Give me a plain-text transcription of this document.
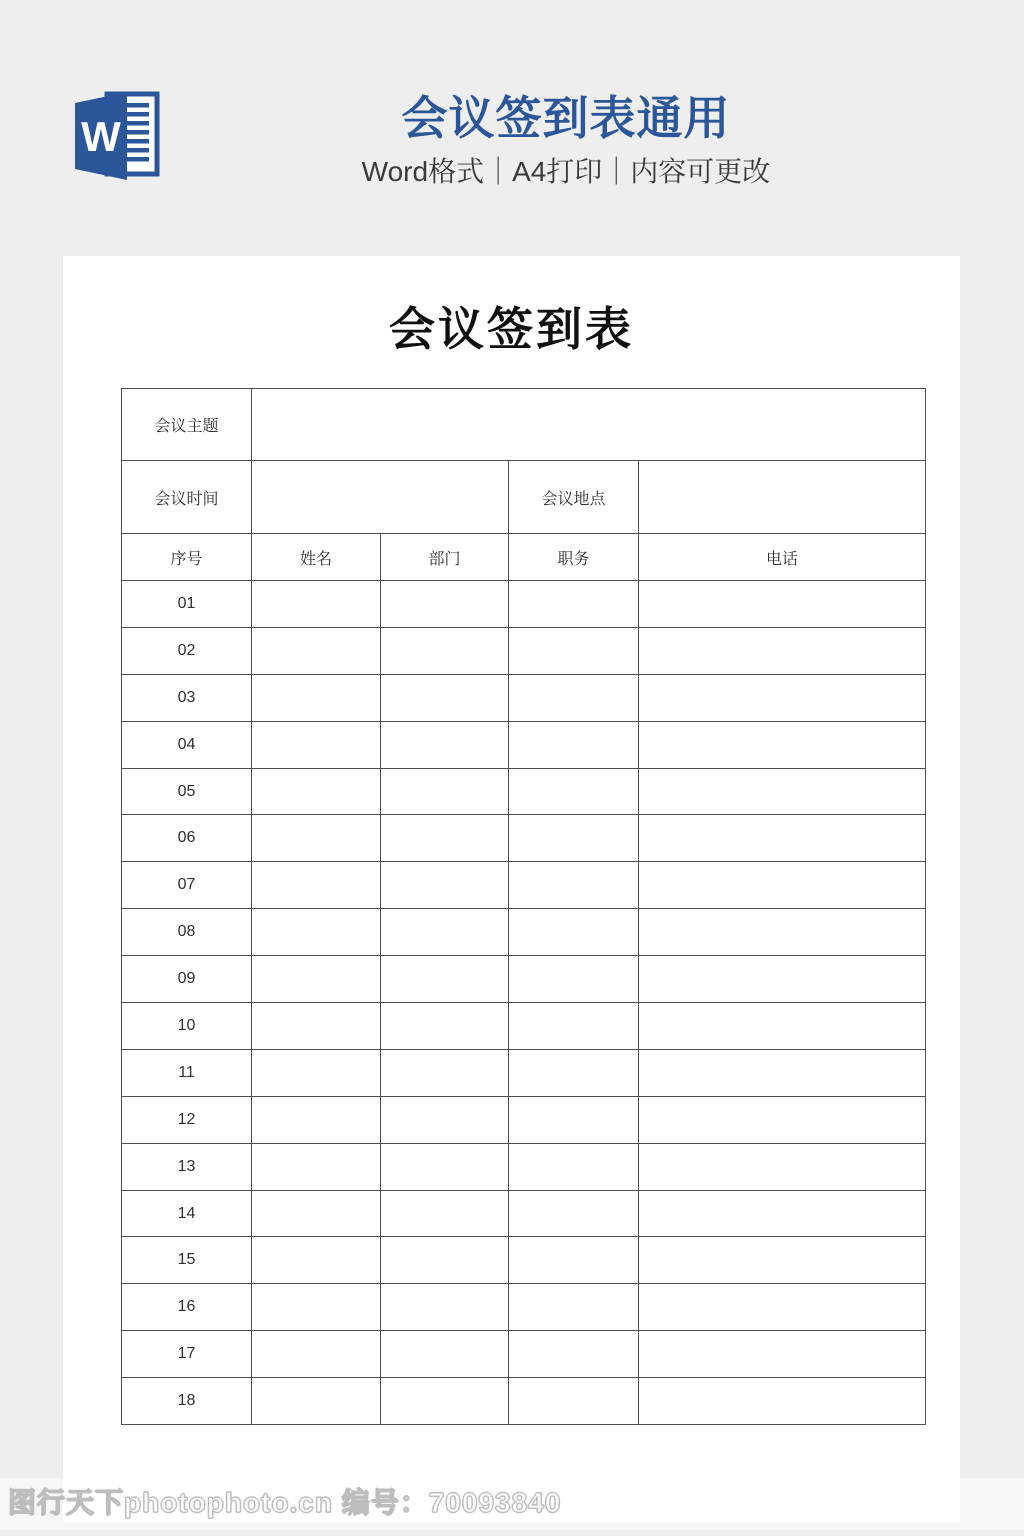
W	会议签到表通用

Word格式｜A4打印｜内容可更改

会议签到表
会议主题				
会议时间			会议地点	
序号	姓名	部门	职务	电话
01				
02				
03				
04				
05				
06				
07				
08				
09				
10				
11				
12				
13				
14				
15				
16				
17				
18				
图行天下photophoto.cn 编号：70093840
